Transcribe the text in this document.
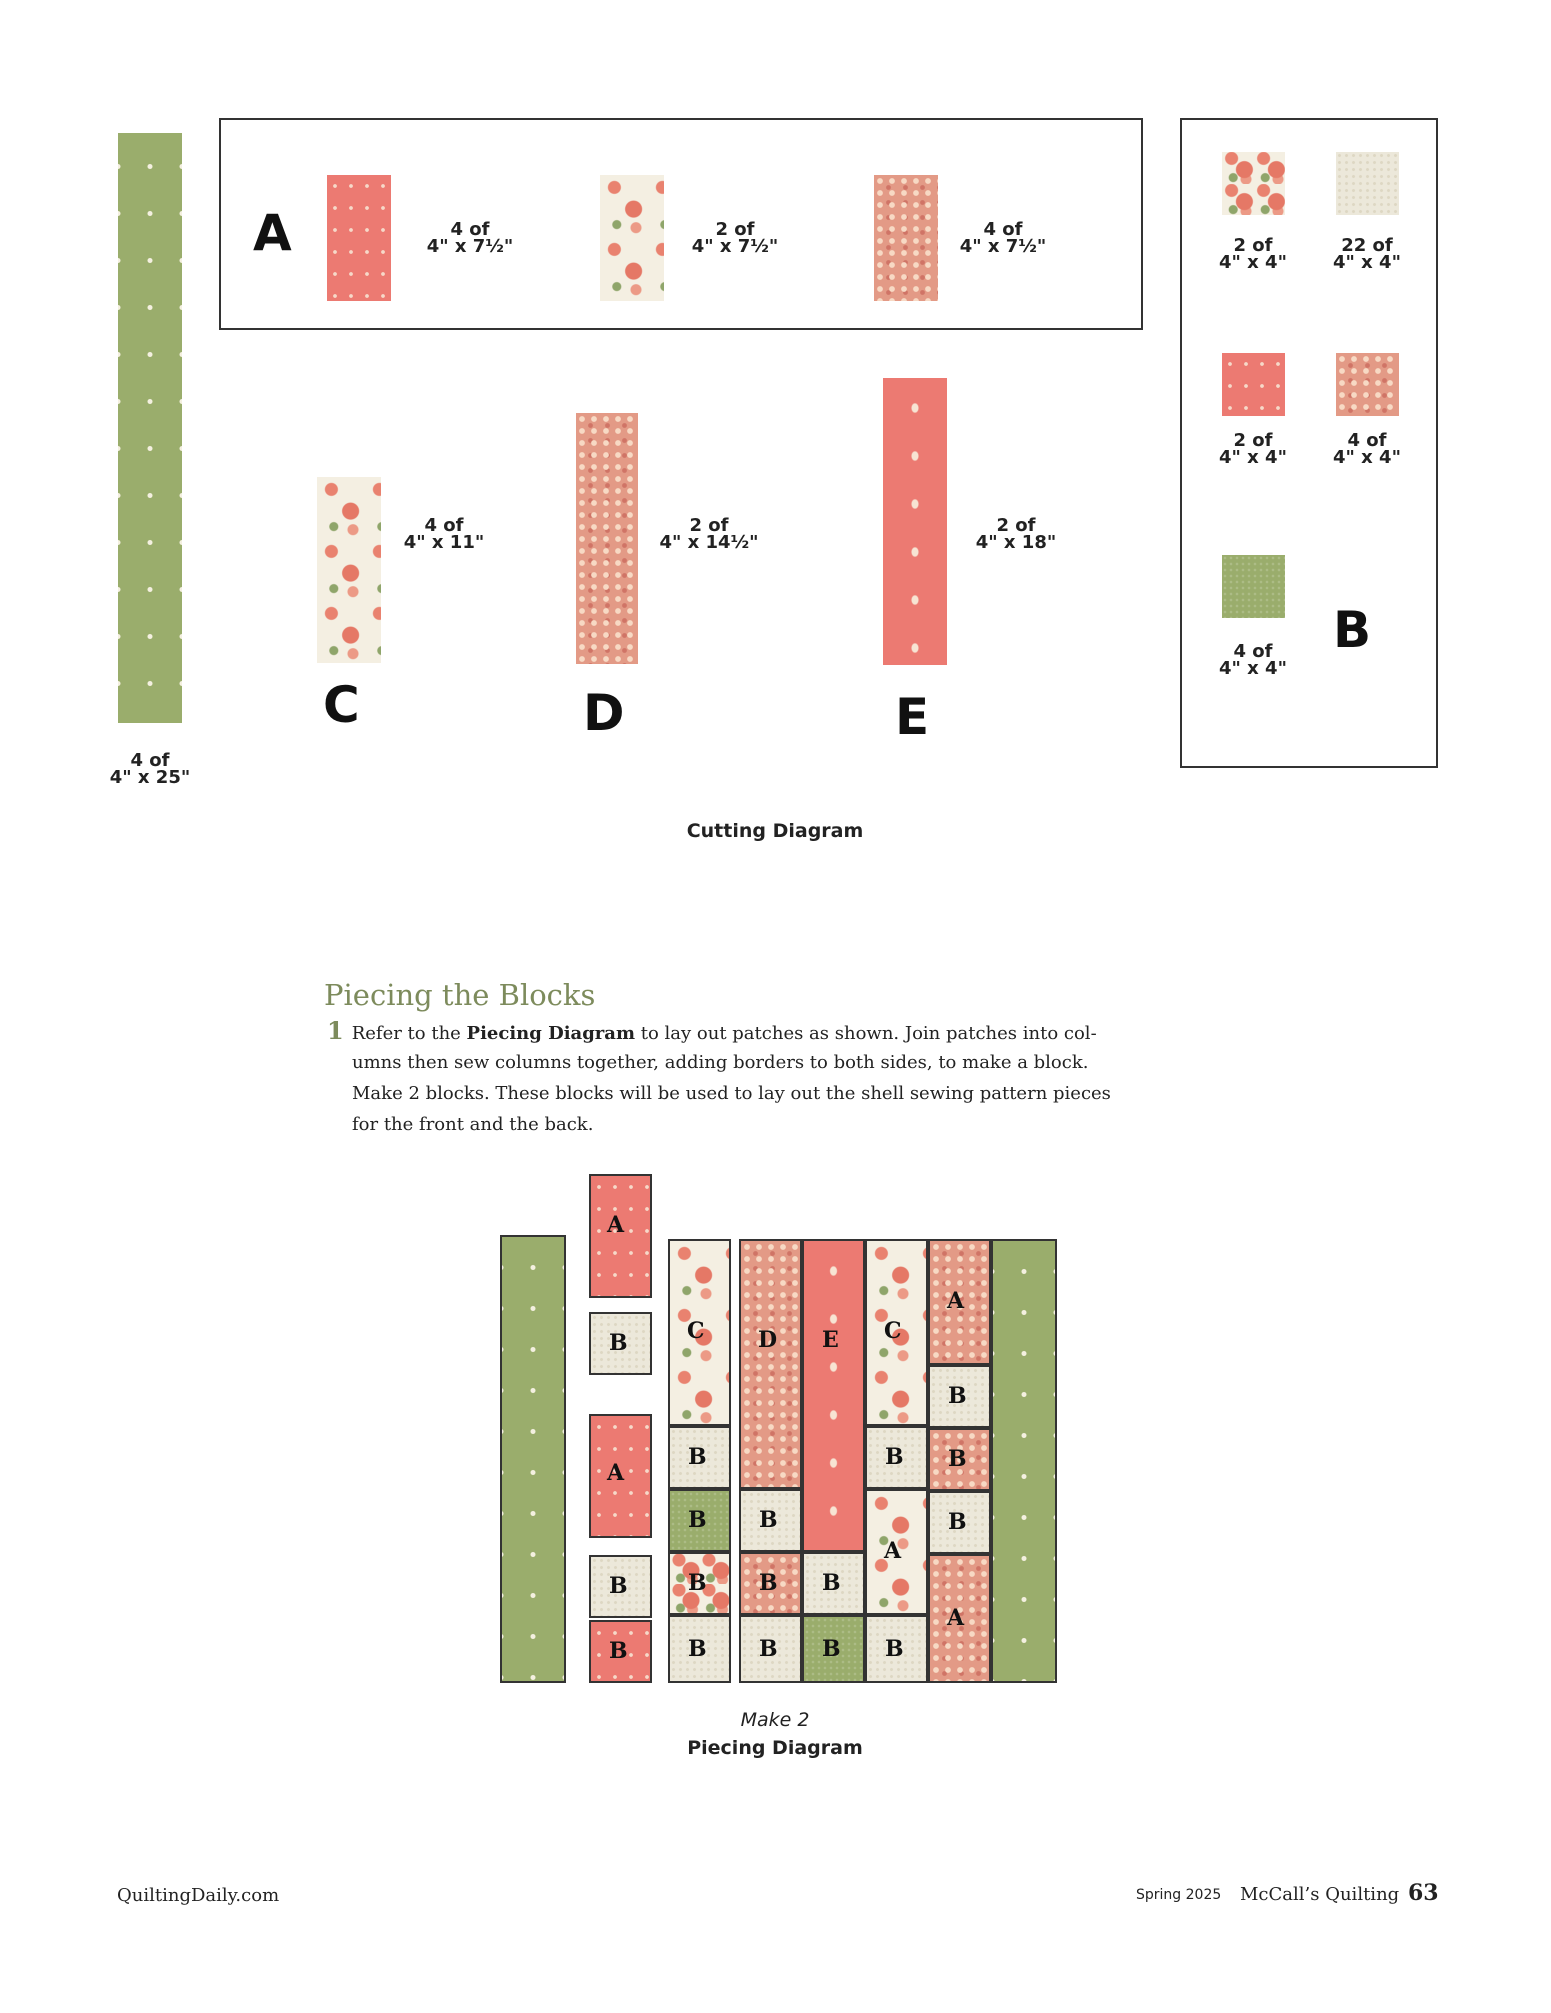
4 of
4" x 25"
A	4 of
4" x 7½"
2 of
4" x 7½"
4 of
4" x 7½"	2 of
4" x 4"
22 of
4" x 4"
2 of
4" x 4"
4 of
4" x 4"
4 of
4" x 4"
B
4 of
4" x 11"
C
2 of
4" x 14½"
D
2 of
4" x 18"
E
Cutting Diagram
Piecing the Blocks
1 Refer to the Piecing Diagram to lay out patches as shown. Join patches into col-
umns then sew columns together, adding borders to both sides, to make a block.
Make 2 blocks. These blocks will be used to lay out the shell sewing pattern pieces
for the front and the back.
A
B
A
B
B
C
B
B
B
B
D
B
B
B
E
B
B
C
B
A
B
A
B
B
B
A
Make 2
Piecing Diagram
QuiltingDaily.com	Spring 2025 McCall’s Quilting 63
